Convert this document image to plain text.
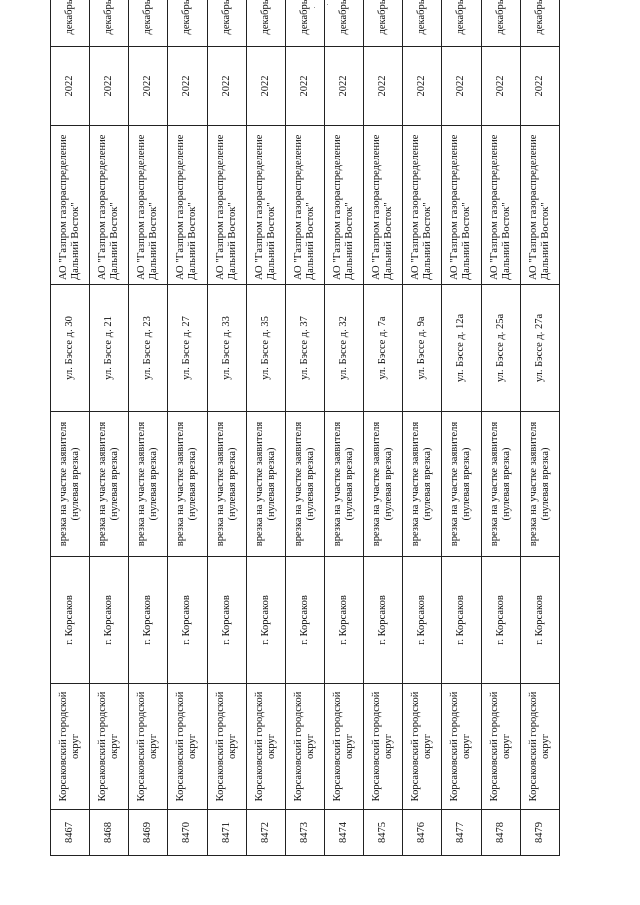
8467	Корсаковский городской округ	г. Корсаков	врезка на участке заявителя (нулевая врезка)	ул. Бэссе д. 30	АО "Газпром газораспределение Дальний Восток"	2022	декабрь
8468	Корсаковский городской округ	г. Корсаков	врезка на участке заявителя (нулевая врезка)	ул. Бэссе д. 21	АО "Газпром газораспределение Дальний Восток"	2022	декабрь
8469	Корсаковский городской округ	г. Корсаков	врезка на участке заявителя (нулевая врезка)	ул. Бэссе д. 23	АО "Газпром газораспределение Дальний Восток"	2022	декабрь
8470	Корсаковский городской округ	г. Корсаков	врезка на участке заявителя (нулевая врезка)	ул. Бэссе д. 27	АО "Газпром газораспределение Дальний Восток"	2022	декабрь
8471	Корсаковский городской округ	г. Корсаков	врезка на участке заявителя (нулевая врезка)	ул. Бэссе д. 33	АО "Газпром газораспределение Дальний Восток"	2022	декабрь
8472	Корсаковский городской округ	г. Корсаков	врезка на участке заявителя (нулевая врезка)	ул. Бэссе д. 35	АО "Газпром газораспределение Дальний Восток"	2022	декабрь
8473	Корсаковский городской округ	г. Корсаков	врезка на участке заявителя (нулевая врезка)	ул. Бэссе д. 37	АО "Газпром газораспределение Дальний Восток"	2022	декабрь
8474	Корсаковский городской округ	г. Корсаков	врезка на участке заявителя (нулевая врезка)	ул. Бэссе д. 32	АО "Газпром газораспределение Дальний Восток"	2022	декабрь
8475	Корсаковский городской округ	г. Корсаков	врезка на участке заявителя (нулевая врезка)	ул. Бэссе д. 7а	АО "Газпром газораспределение Дальний Восток"	2022	декабрь
8476	Корсаковский городской округ	г. Корсаков	врезка на участке заявителя (нулевая врезка)	ул. Бэссе д. 9а	АО "Газпром газораспределение Дальний Восток"	2022	декабрь
8477	Корсаковский городской округ	г. Корсаков	врезка на участке заявителя (нулевая врезка)	ул. Бэссе д. 12а	АО "Газпром газораспределение Дальний Восток"	2022	декабрь
8478	Корсаковский городской округ	г. Корсаков	врезка на участке заявителя (нулевая врезка)	ул. Бэссе д. 25а	АО "Газпром газораспределение Дальний Восток"	2022	декабрь
8479	Корсаковский городской округ	г. Корсаков	врезка на участке заявителя (нулевая врезка)	ул. Бэссе д. 27а	АО "Газпром газораспределение Дальний Восток"	2022	декабрь
